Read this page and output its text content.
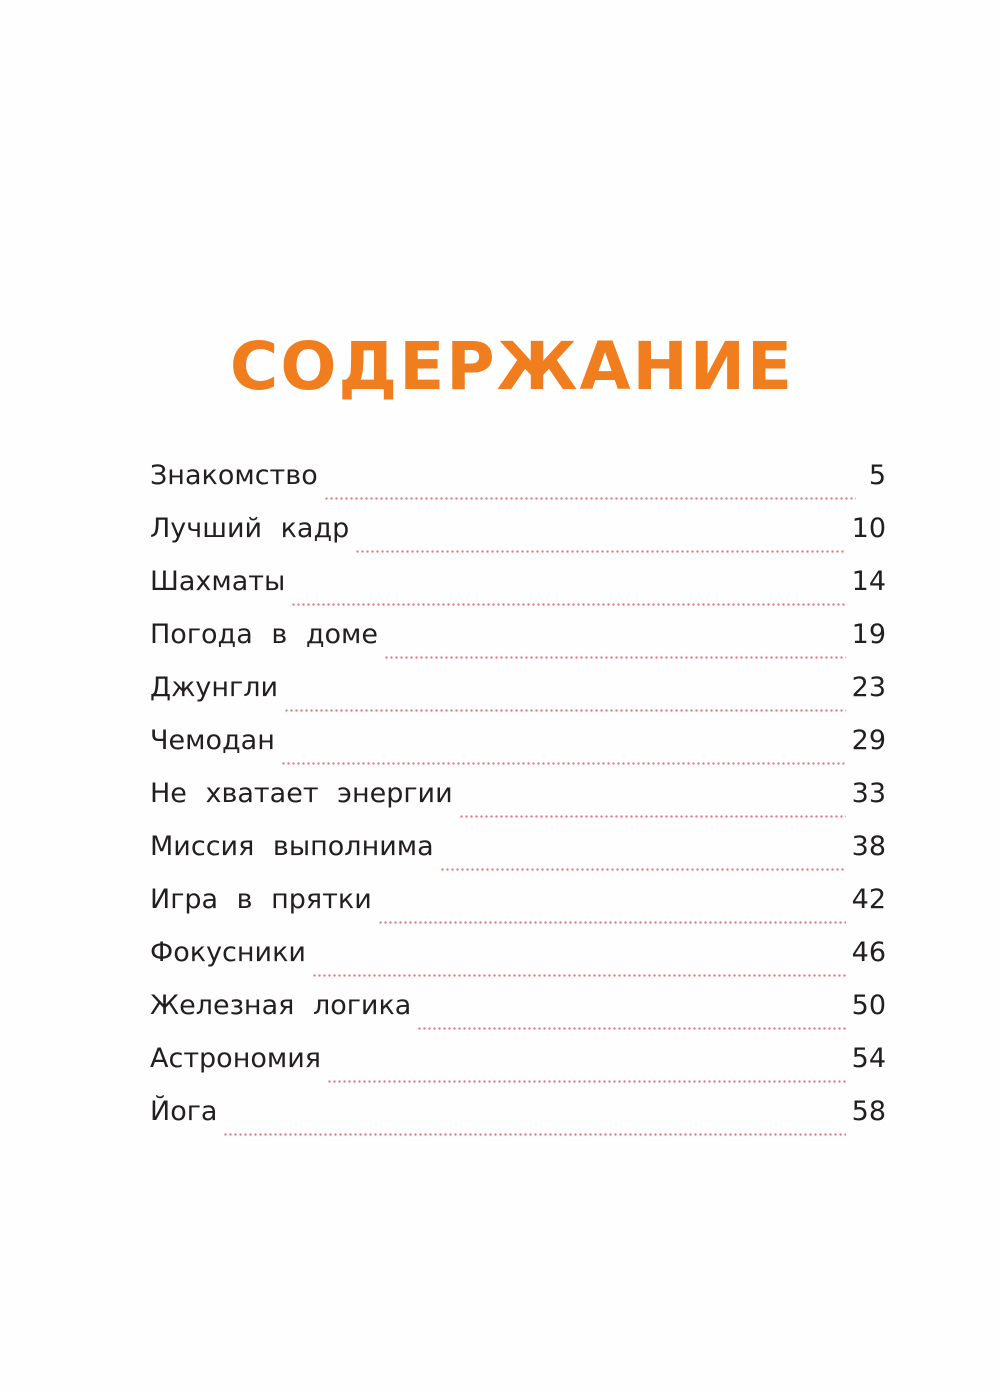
СОДЕРЖАНИЕ
Знакомство	5
Лучший кадр	10
Шахматы	14
Погода в доме	19
Джунгли	23
Чемодан	29
Не хватает энергии	33
Миссия выполнима	38
Игра в прятки	42
Фокусники	46
Железная логика	50
Астрономия	54
Йога	58
